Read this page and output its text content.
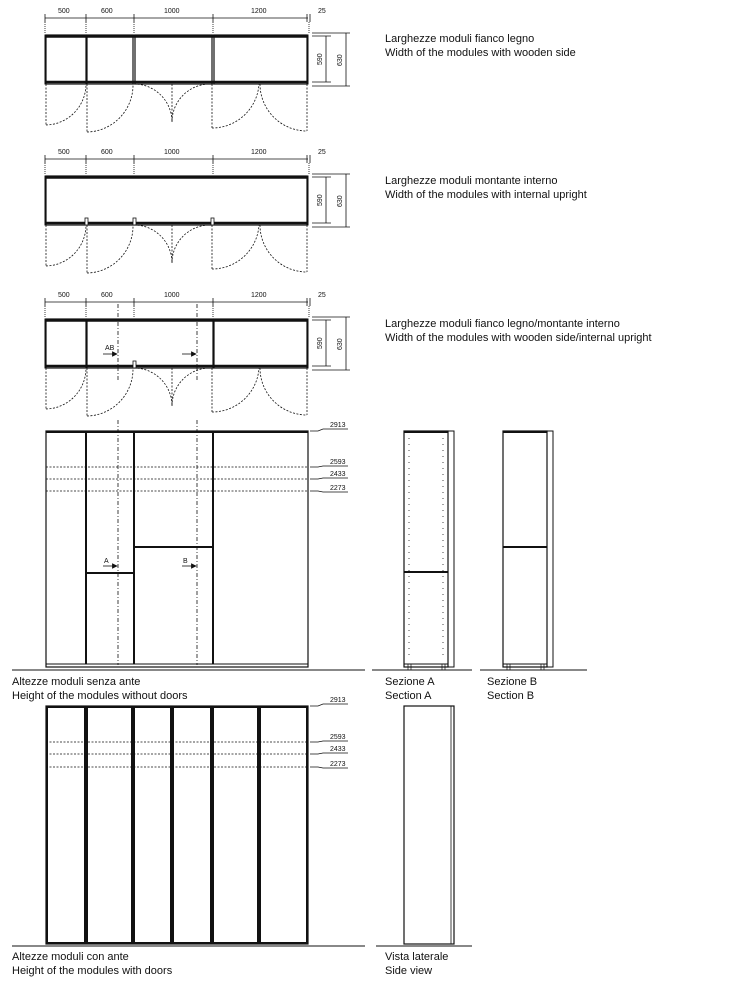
500	600	1000	1200	25
590 630
Larghezze moduli fianco legno
Width of the modules with wooden side
500	600	1000	1200	25
590 630
Larghezze moduli montante interno
Width of the modules with internal upright
500	600	1000	1200	25
590 630
AB
Larghezze moduli fianco legno/montante interno
Width of the modules with wooden side/internal upright
A	B
2913
2593
2433
2273
Altezze moduli senza ante
Height of the modules without doors
Sezione A
Section A
Sezione B
Section B
2913
2593
2433
2273
Altezze moduli con ante
Height of the modules with doors
Vista laterale
Side view
